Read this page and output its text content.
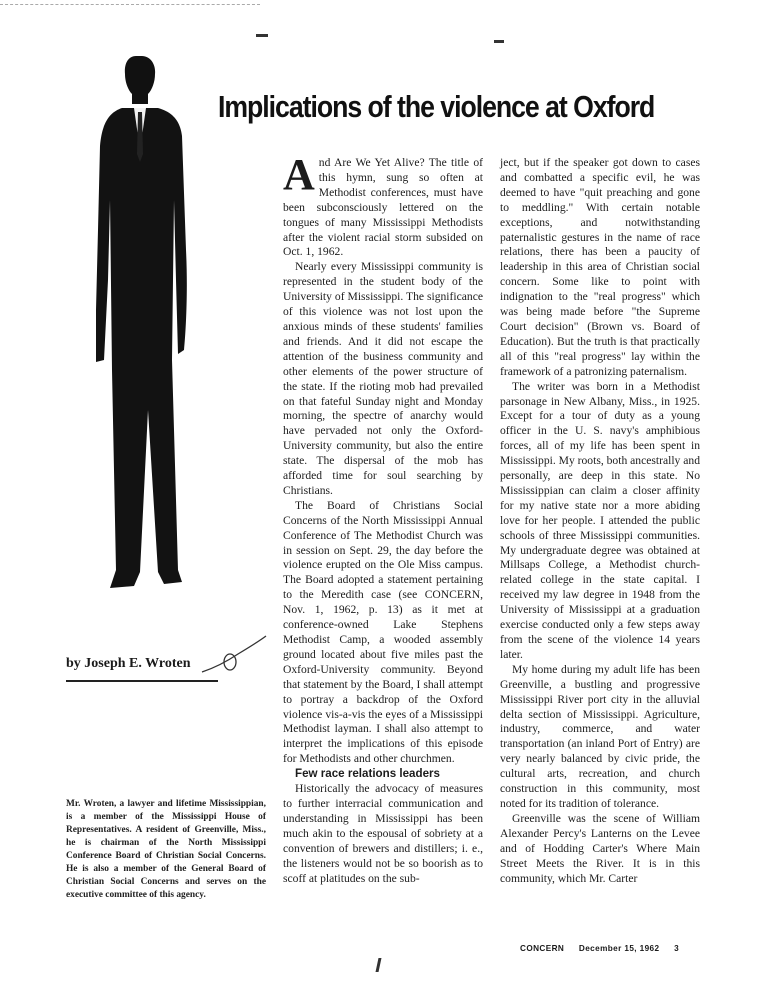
Implications of the violence at Oxford
by Joseph E. Wroten
Mr. Wroten, a lawyer and lifetime Mississippian, is a member of the Mississippi House of Representatives. A resident of Greenville, Miss., he is chairman of the North Mississippi Conference Board of Christian Social Concerns. He is also a member of the General Board of Christian Social Concerns and serves on the executive committee of this agency.

And Are We Yet Alive? The title of this hymn, sung so often at Methodist conferences, must have been subconsciously lettered on the tongues of many Mississippi Methodists after the violent racial storm subsided on Oct. 1, 1962.

Nearly every Mississippi community is represented in the student body of the University of Mississippi. The significance of this violence was not lost upon the anxious minds of these students' families and friends. And it did not escape the attention of the business community and other elements of the power structure of the state. If the rioting mob had prevailed on that fateful Sunday night and Monday morning, the spectre of anarchy would have pervaded not only the Oxford-University community, but also the entire state. The dispersal of the mob has afforded time for soul searching by Christians.

The Board of Christians Social Concerns of the North Mississippi Annual Conference of The Methodist Church was in session on Sept. 29, the day before the violence erupted on the Ole Miss campus. The Board adopted a statement pertaining to the Meredith case (see CONCERN, Nov. 1, 1962, p. 13) as it met at conference-owned Lake Stephens Methodist Camp, a wooded assembly ground located about five miles past the Oxford-University community. Beyond that statement by the Board, I shall attempt to portray a backdrop of the Oxford violence vis-a-vis the eyes of a Mississippi Methodist layman. I shall also attempt to interpret the implications of this episode for Methodists and other churchmen.

Few race relations leaders

Historically the advocacy of measures to further interracial communication and understanding in Mississippi has been much akin to the espousal of sobriety at a convention of brewers and distillers; i. e., the listeners would not be so boorish as to scoff at platitudes on the sub-

ject, but if the speaker got down to cases and combatted a specific evil, he was deemed to have "quit preaching and gone to meddling." With certain notable exceptions, and notwithstanding paternalistic gestures in the name of race relations, there has been a paucity of leadership in this area of Christian social concern. Some like to point with indignation to the "real progress" which was being made before "the Supreme Court decision" (Brown vs. Board of Education). But the truth is that practically all of this "real progress" lay within the framework of a patronizing paternalism.

The writer was born in a Methodist parsonage in New Albany, Miss., in 1925. Except for a tour of duty as a young officer in the U. S. navy's amphibious forces, all of my life has been spent in Mississippi. My roots, both ancestrally and personally, are deep in this state. No Mississippian can claim a closer affinity for my native state nor a more abiding love for her people. I attended the public schools of three Mississippi communities. My undergraduate degree was obtained at Millsaps College, a Methodist church-related college in the state capital. I received my law degree in 1948 from the University of Mississippi at a graduation exercise conducted only a few steps away from the scene of the violence 14 years later.

My home during my adult life has been Greenville, a bustling and progressive Mississippi River port city in the alluvial delta section of Mississippi. Agriculture, industry, commerce, and water transportation (an inland Port of Entry) are very nearly balanced by civic pride, the cultural arts, recreation, and church construction in this community, most noted for its tradition of tolerance.

Greenville was the scene of William Alexander Percy's Lanterns on the Levee and of Hodding Carter's Where Main Street Meets the River. It is in this community, which Mr. Carter

CONCERN December 15, 1962 3
